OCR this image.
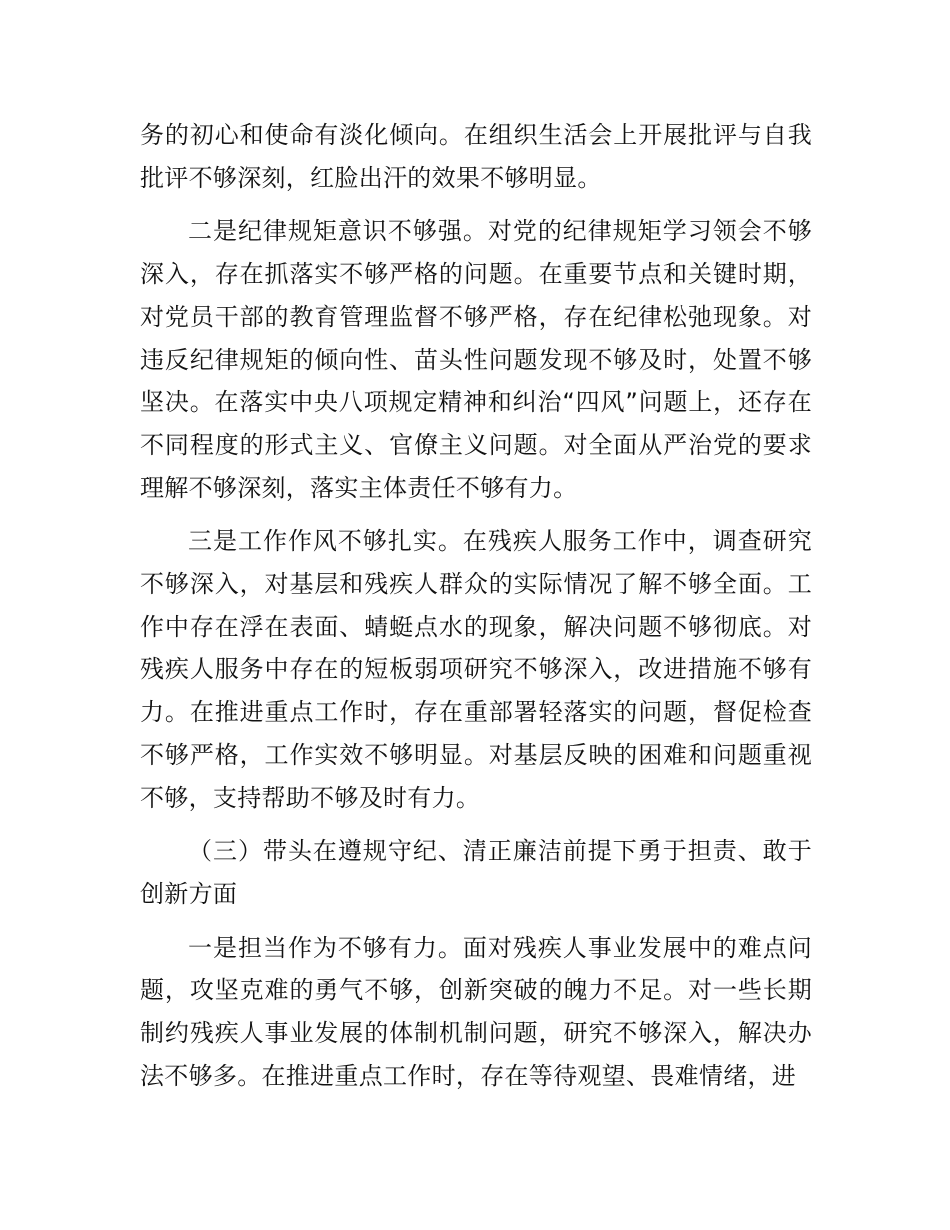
务的初心和使命有淡化倾向。在组织生活会上开展批评与自我批评不够深刻，红脸出汗的效果不够明显。

二是纪律规矩意识不够强。对党的纪律规矩学习领会不够深入，存在抓落实不够严格的问题。在重要节点和关键时期，对党员干部的教育管理监督不够严格，存在纪律松弛现象。对违反纪律规矩的倾向性、苗头性问题发现不够及时，处置不够坚决。在落实中央八项规定精神和纠治“四风”问题上，还存在不同程度的形式主义、官僚主义问题。对全面从严治党的要求理解不够深刻，落实主体责任不够有力。

三是工作作风不够扎实。在残疾人服务工作中，调查研究不够深入，对基层和残疾人群众的实际情况了解不够全面。工作中存在浮在表面、蜻蜓点水的现象，解决问题不够彻底。对残疾人服务中存在的短板弱项研究不够深入，改进措施不够有力。在推进重点工作时，存在重部署轻落实的问题，督促检查不够严格，工作实效不够明显。对基层反映的困难和问题重视不够，支持帮助不够及时有力。

（三）带头在遵规守纪、清正廉洁前提下勇于担责、敢于创新方面

一是担当作为不够有力。面对残疾人事业发展中的难点问题，攻坚克难的勇气不够，创新突破的魄力不足。对一些长期制约残疾人事业发展的体制机制问题，研究不够深入，解决办法不够多。在推进重点工作时，存在等待观望、畏难情绪，进
